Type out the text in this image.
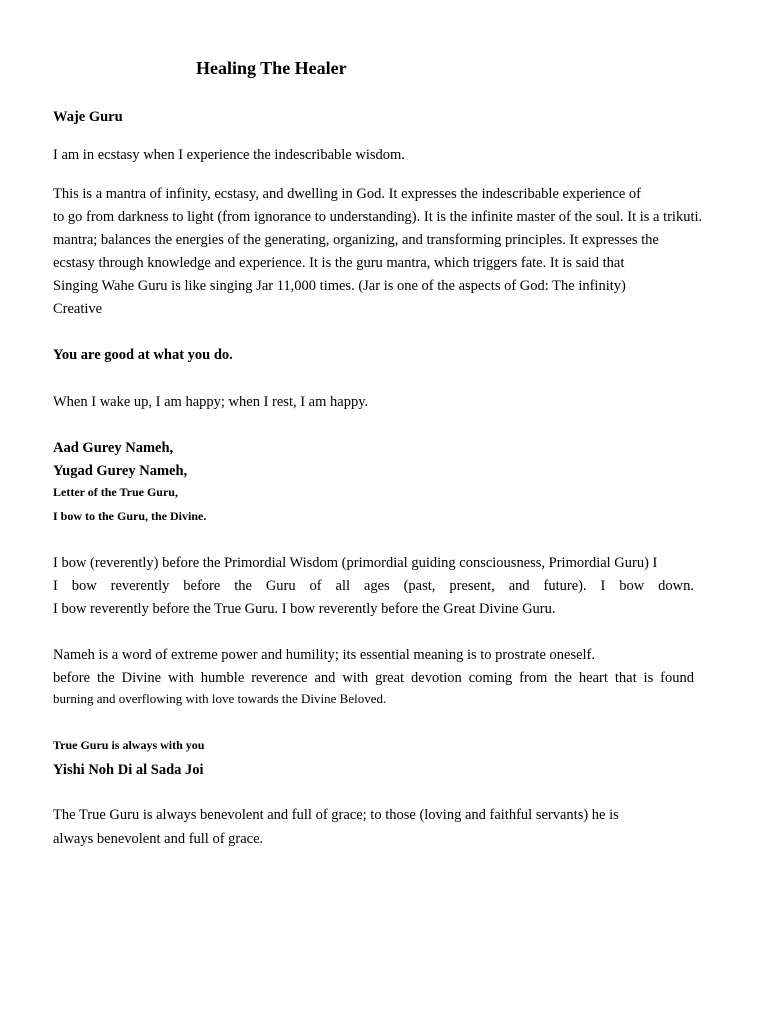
Healing The Healer
Waje Guru
I am in ecstasy when I experience the indescribable wisdom.
This is a mantra of infinity, ecstasy, and dwelling in God. It expresses the indescribable experience of
to go from darkness to light (from ignorance to understanding). It is the infinite master of the soul. It is a trikuti.
mantra; balances the energies of the generating, organizing, and transforming principles. It expresses the
ecstasy through knowledge and experience. It is the guru mantra, which triggers fate. It is said that
Singing Wahe Guru is like singing Jar 11,000 times. (Jar is one of the aspects of God: The infinity)
Creative
You are good at what you do.
When I wake up, I am happy; when I rest, I am happy.
Aad Gurey Nameh,
Yugad Gurey Nameh,
Letter of the True Guru,
I bow to the Guru, the Divine.
I bow (reverently) before the Primordial Wisdom (primordial guiding consciousness, Primordial Guru) I
I bow reverently before the Guru of all ages (past, present, and future). I bow down.
I bow reverently before the True Guru. I bow reverently before the Great Divine Guru.
Nameh is a word of extreme power and humility; its essential meaning is to prostrate oneself.
before the Divine with humble reverence and with great devotion coming from the heart that is found
burning and overflowing with love towards the Divine Beloved.
True Guru is always with you
Yishi Noh Di al Sada Joi
The True Guru is always benevolent and full of grace; to those (loving and faithful servants) he is
always benevolent and full of grace.
